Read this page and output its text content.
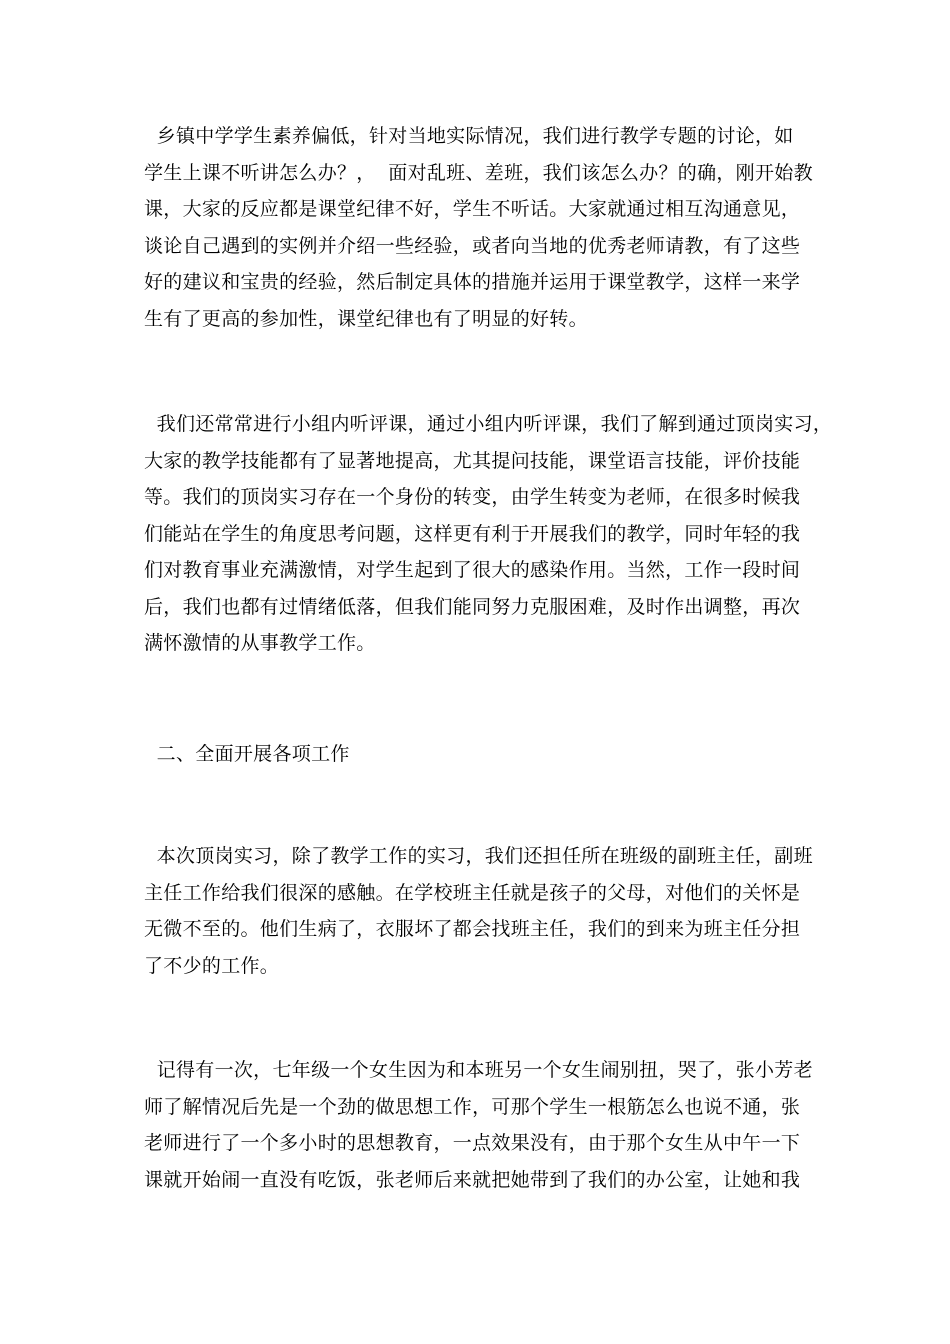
乡镇中学学生素养偏低，针对当地实际情况，我们进行教学专题的讨论，如
学生上课不听讲怎么办？，  面对乱班、差班，我们该怎么办？的确，刚开始教
课，大家的反应都是课堂纪律不好，学生不听话。大家就通过相互沟通意见，
谈论自己遇到的实例并介绍一些经验，或者向当地的优秀老师请教，有了这些
好的建议和宝贵的经验，然后制定具体的措施并运用于课堂教学，这样一来学
生有了更高的参加性，课堂纪律也有了明显的好转。
我们还常常进行小组内听评课，通过小组内听评课，我们了解到通过顶岗实习，
大家的教学技能都有了显著地提高，尤其提问技能，课堂语言技能，评价技能
等。我们的顶岗实习存在一个身份的转变，由学生转变为老师，在很多时候我
们能站在学生的角度思考问题，这样更有利于开展我们的教学，同时年轻的我
们对教育事业充满激情，对学生起到了很大的感染作用。当然，工作一段时间
后，我们也都有过情绪低落，但我们能同努力克服困难，及时作出调整，再次
满怀激情的从事教学工作。
二、全面开展各项工作
本次顶岗实习，除了教学工作的实习，我们还担任所在班级的副班主任，副班
主任工作给我们很深的感触。在学校班主任就是孩子的父母，对他们的关怀是
无微不至的。他们生病了，衣服坏了都会找班主任，我们的到来为班主任分担
了不少的工作。
记得有一次，七年级一个女生因为和本班另一个女生闹别扭，哭了，张小芳老
师了解情况后先是一个劲的做思想工作，可那个学生一根筋怎么也说不通，张
老师进行了一个多小时的思想教育，一点效果没有，由于那个女生从中午一下
课就开始闹一直没有吃饭，张老师后来就把她带到了我们的办公室，让她和我
